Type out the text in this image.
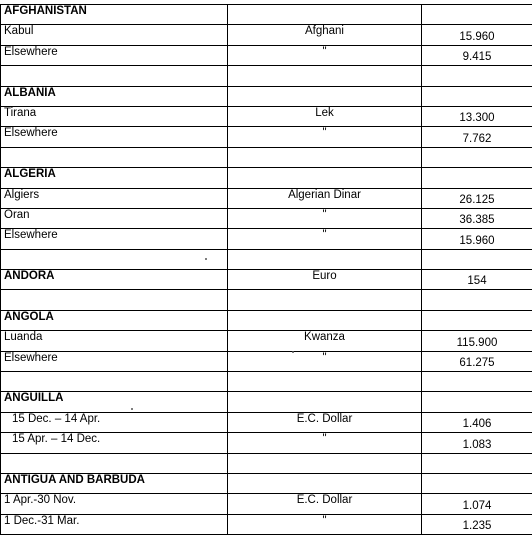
AFGHANISTAN		
Kabul	Afghani	15.960
Elsewhere	"	9.415

ALBANIA		
Tirana	Lek	13.300
Elsewhere	"	7.762

ALGERIA		
Algiers	Algerian Dinar	26.125
Oran	"	36.385
Elsewhere	"	15.960

ANDORA	Euro	154

ANGOLA		
Luanda	Kwanza	115.900
Elsewhere	"	61.275

ANGUILLA		
15 Dec. – 14 Apr.	E.C. Dollar	1.406
15 Apr. – 14 Dec.	"	1.083

ANTIGUA AND BARBUDA		
1 Apr.-30 Nov.	E.C. Dollar	1.074
1 Dec.-31 Mar.	"	1.235
